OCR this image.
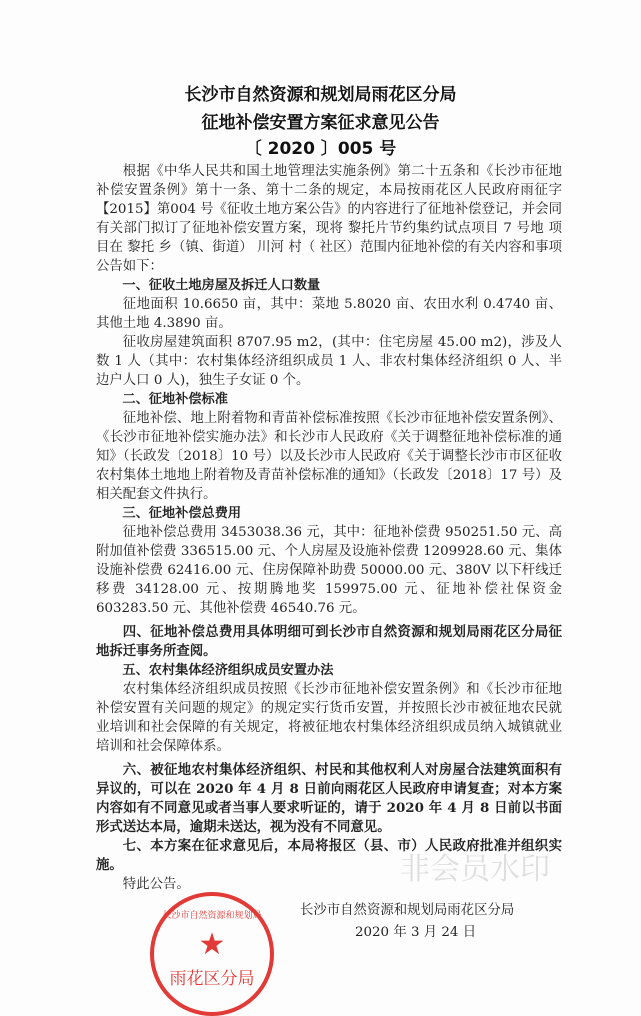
长沙市自然资源和规划局雨花区分局
征地补偿安置方案征求意见公告
〔 2020 〕005 号

根据《中华人民共和国土地管理法实施条例》第二十五条和《长沙市征地补偿安置条例》第十一条、第十二条的规定，本局按雨花区人民政府雨征字【2015】第004 号《征收土地方案公告》的内容进行了征地补偿登记，并会同有关部门拟订了征地补偿安置方案，现将 黎托片节约集约试点项目 7 号地 项目在 黎托 乡（镇、街道） 川河 村（ 社区）范围内征地补偿的有关内容和事项公告如下：

一、征收土地房屋及拆迁人口数量

征地面积 10.6650 亩，其中：菜地 5.8020 亩、农田水利 0.4740 亩、其他土地 4.3890 亩。

征收房屋建筑面积 8707.95 m2，(其中：住宅房屋 45.00 m2)，涉及人数 1 人（其中：农村集体经济组织成员 1 人、非农村集体经济组织 0 人、半边户人口 0 人)，独生子女证 0 个。

二、征地补偿标准

征地补偿、地上附着物和青苗补偿标准按照《长沙市征地补偿安置条例》、《长沙市征地补偿实施办法》和长沙市人民政府《关于调整征地补偿标准的通知》（长政发〔2018〕10 号）以及长沙市人民政府《关于调整长沙市市区征收农村集体土地地上附着物及青苗补偿标准的通知》（长政发〔2018〕17 号）及相关配套文件执行。

三、征地补偿总费用

征地补偿总费用 3453038.36 元，其中：征地补偿费 950251.50 元、高附加值补偿费 336515.00 元、个人房屋及设施补偿费 1209928.60 元、集体设施补偿费 62416.00 元、住房保障补助费 50000.00 元、380V 以下杆线迁移费 34128.00 元、按期腾地奖 159975.00 元、征地补偿社保资金 603283.50 元、其他补偿费 46540.76 元。

四、征地补偿总费用具体明细可到长沙市自然资源和规划局雨花区分局征地拆迁事务所查阅。

五、农村集体经济组织成员安置办法

农村集体经济组织成员按照《长沙市征地补偿安置条例》和《长沙市征地补偿安置有关问题的规定》的规定实行货币安置，并按照长沙市被征地农民就业培训和社会保障的有关规定，将被征地农村集体经济组织成员纳入城镇就业培训和社会保障体系。

六、被征地农村集体经济组织、村民和其他权利人对房屋合法建筑面积有异议的，可以在 2020 年 4 月 8 日前向雨花区人民政府申请复查；对本方案内容如有不同意见或者当事人要求听证的，请于 2020 年 4 月 8 日前以书面形式送达本局，逾期未送达，视为没有不同意见。

七、本方案在征求意见后，本局将报区（县、市）人民政府批准并组织实施。

特此公告。

长沙市自然资源和规划局
★
雨花区分局
长沙市自然资源和规划局雨花区分局
2020 年 3 月 24 日
非会员水印
